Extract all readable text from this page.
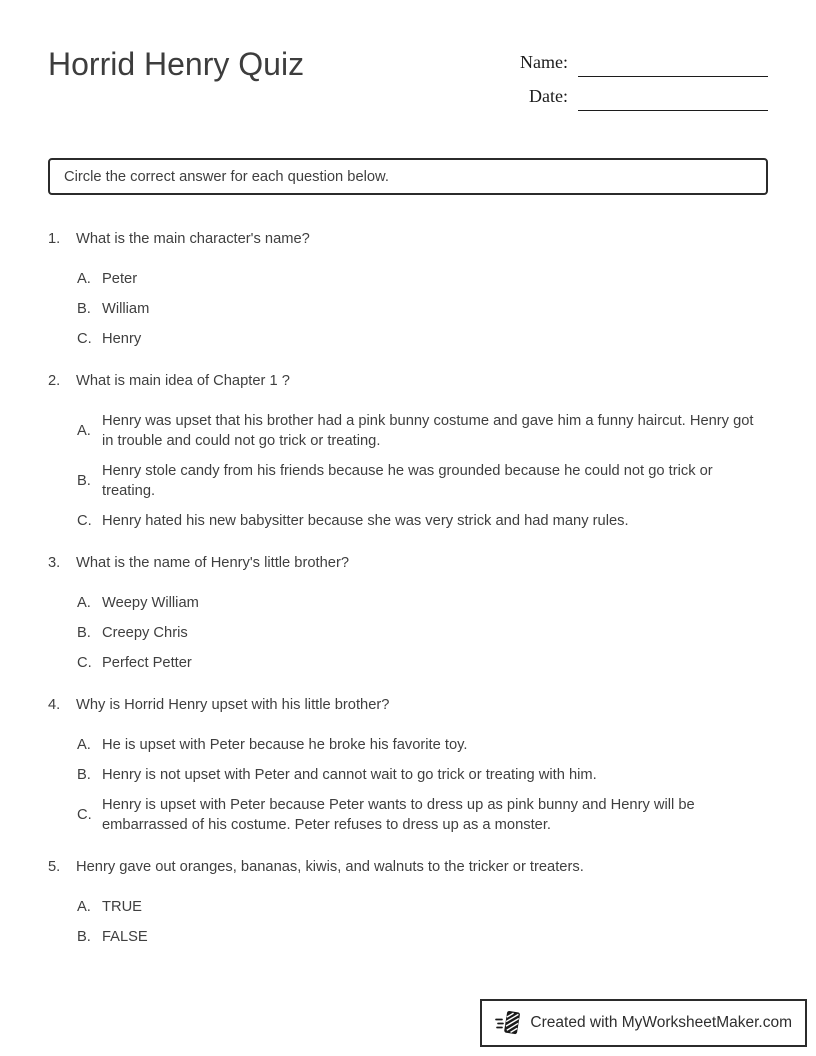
Horrid Henry Quiz	Name:
Date:
Circle the correct answer for each question below.
1.	What is the main character's name?
A. Peter
B. William
C. Henry
2.	What is main idea of Chapter 1 ?
A.
Henry was upset that his brother had a pink bunny costume and gave him a funny haircut. Henry got in trouble and could not go trick or treating.
B.
Henry stole candy from his friends because he was grounded because he could not go trick or treating.
C. Henry hated his new babysitter because she was very strick and had many rules.
3.	What is the name of Henry's little brother?
A. Weepy William
B. Creepy Chris
C. Perfect Petter
4.	Why is Horrid Henry upset with his little brother?
A. He is upset with Peter because he broke his favorite toy.
B. Henry is not upset with Peter and cannot wait to go trick or treating with him.
C.
Henry is upset with Peter because Peter wants to dress up as pink bunny and Henry will be embarrassed of his costume. Peter refuses to dress up as a monster.
5.	Henry gave out oranges, bananas, kiwis, and walnuts to the tricker or treaters.
A. TRUE
B. FALSE
Created with MyWorksheetMaker.com
